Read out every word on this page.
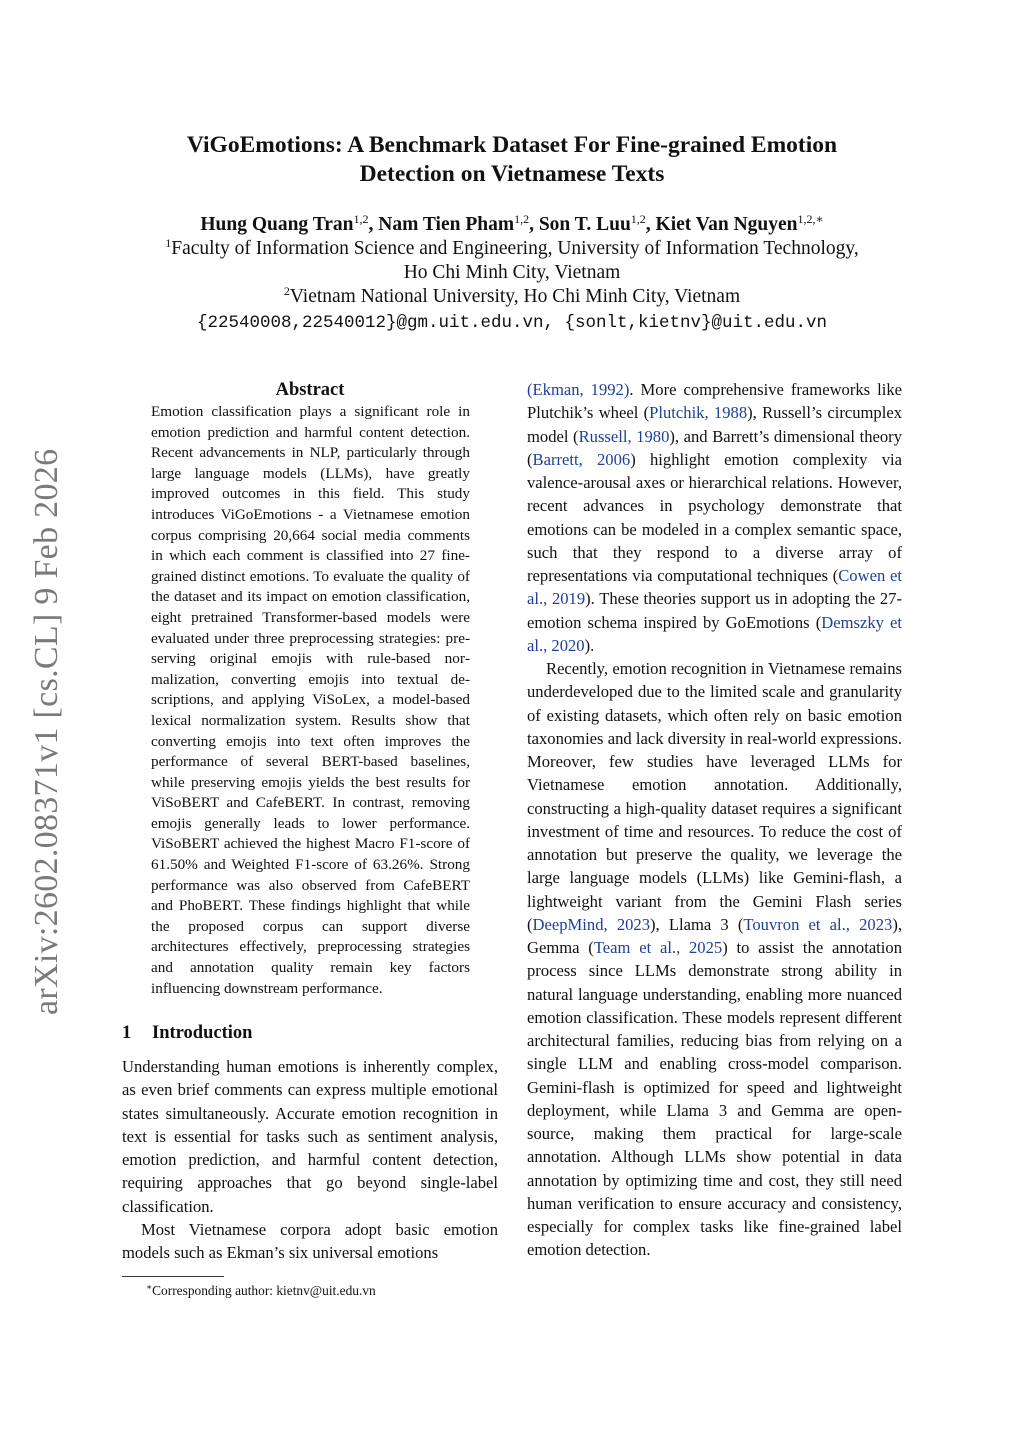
arXiv:2602.08371v1 [cs.CL] 9 Feb 2026
ViGoEmotions: A Benchmark Dataset For Fine-grained Emotion
Detection on Vietnamese Texts
Hung Quang Tran$^{1,2}$, Nam Tien Pham$^{1,2}$, Son T. Luu$^{1,2}$, Kiet Van Nguyen$^{1,2,∗}$
$^1$Faculty of Information Science and Engineering, University of Information Technology,
Ho Chi Minh City, Vietnam
$^2$Vietnam National University, Ho Chi Minh City, Vietnam
{22540008,22540012}@gm.uit.edu.vn, {sonlt,kietnv}@uit.edu.vn

Abstract

Emotion classification plays a significant role in emotion prediction and harmful content detection. Recent advancements in NLP, particularly through large language models (LLMs), have greatly improved outcomes in this field. This study introduces ViGoEmotions - a Vietnamese emotion corpus comprising 20,664 social media comments in which each comment is classified into 27 fine-grained distinct emotions. To evaluate the quality of the dataset and its impact on emotion classification, eight pretrained Transformer-based models were evaluated under three preprocessing strategies: preserving original emojis with rule-based normalization, converting emojis into textual descriptions, and applying ViSoLex, a model-based lexical normalization system. Results show that converting emojis into text often improves the performance of several BERT-based baselines, while preserving emojis yields the best results for ViSoBERT and CafeBERT. In contrast, removing emojis generally leads to lower performance. ViSoBERT achieved the highest Macro F1-score of 61.50% and Weighted F1-score of 63.26%. Strong performance was also observed from CafeBERT and PhoBERT. These findings highlight that while the proposed corpus can support diverse architectures effectively, preprocessing strategies and annotation quality remain key factors influencing downstream performance.

1 Introduction

Understanding human emotions is inherently complex, as even brief comments can express multiple emotional states simultaneously. Accurate emotion recognition in text is essential for tasks such as sentiment analysis, emotion prediction, and harmful content detection, requiring approaches that go beyond single-label classification.

Most Vietnamese corpora adopt basic emotion models such as Ekman’s six universal emotions

∗Corresponding author: kietnv@uit.edu.vn

(Ekman, 1992). More comprehensive frameworks like Plutchik’s wheel (Plutchik, 1988), Russell’s circumplex model (Russell, 1980), and Barrett’s dimensional theory (Barrett, 2006) highlight emotion complexity via valence-arousal axes or hierarchical relations. However, recent advances in psychology demonstrate that emotions can be modeled in a complex semantic space, such that they respond to a diverse array of representations via computational techniques (Cowen et al., 2019). These theories support us in adopting the 27-emotion schema inspired by GoEmotions (Demszky et al., 2020).

Recently, emotion recognition in Vietnamese remains underdeveloped due to the limited scale and granularity of existing datasets, which often rely on basic emotion taxonomies and lack diversity in real-world expressions. Moreover, few studies have leveraged LLMs for Vietnamese emotion annotation. Additionally, constructing a high-quality dataset requires a significant investment of time and resources. To reduce the cost of annotation but preserve the quality, we leverage the large language models (LLMs) like Gemini-flash, a lightweight variant from the Gemini Flash series (DeepMind, 2023), Llama 3 (Touvron et al., 2023), Gemma (Team et al., 2025) to assist the annotation process since LLMs demonstrate strong ability in natural language understanding, enabling more nuanced emotion classification. These models represent different architectural families, reducing bias from relying on a single LLM and enabling cross-model comparison. Gemini-flash is optimized for speed and lightweight deployment, while Llama 3 and Gemma are open-source, making them practical for large-scale annotation. Although LLMs show potential in data annotation by optimizing time and cost, they still need human verification to ensure accuracy and consistency, especially for complex tasks like fine-grained label emotion detection.
